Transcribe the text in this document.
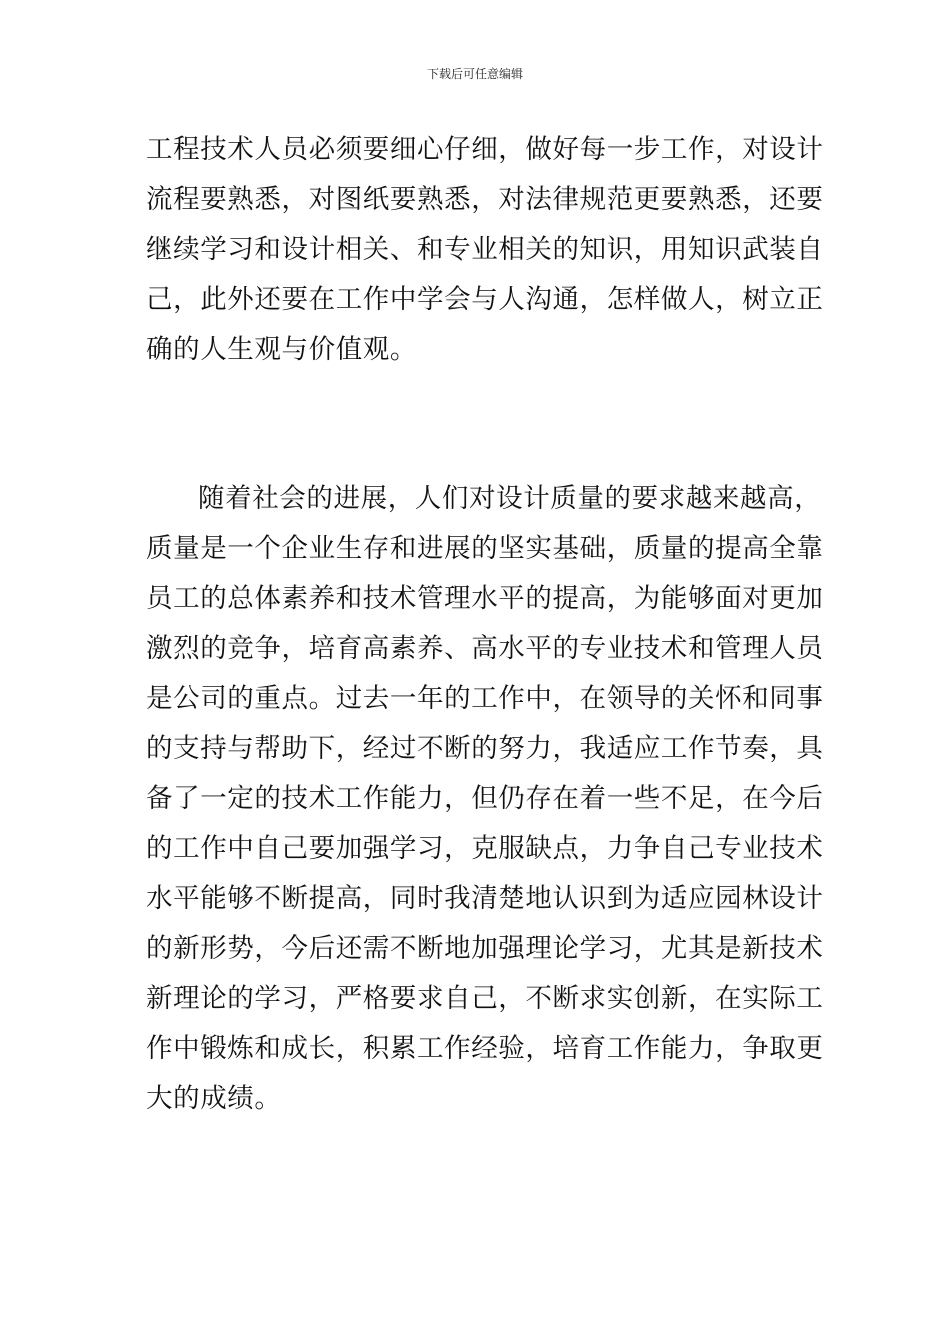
下载后可任意编辑
工程技术人员必须要细心仔细，做好每一步工作，对设计
流程要熟悉，对图纸要熟悉，对法律规范更要熟悉，还要
继续学习和设计相关、和专业相关的知识，用知识武装自
己，此外还要在工作中学会与人沟通，怎样做人，树立正
确的人生观与价值观。
随着社会的进展，人们对设计质量的要求越来越高，
质量是一个企业生存和进展的坚实基础，质量的提高全靠
员工的总体素养和技术管理水平的提高，为能够面对更加
激烈的竞争，培育高素养、高水平的专业技术和管理人员
是公司的重点。过去一年的工作中，在领导的关怀和同事
的支持与帮助下，经过不断的努力，我适应工作节奏，具
备了一定的技术工作能力，但仍存在着一些不足，在今后
的工作中自己要加强学习，克服缺点，力争自己专业技术
水平能够不断提高，同时我清楚地认识到为适应园林设计
的新形势，今后还需不断地加强理论学习，尤其是新技术
新理论的学习，严格要求自己，不断求实创新，在实际工
作中锻炼和成长，积累工作经验，培育工作能力，争取更
大的成绩。
